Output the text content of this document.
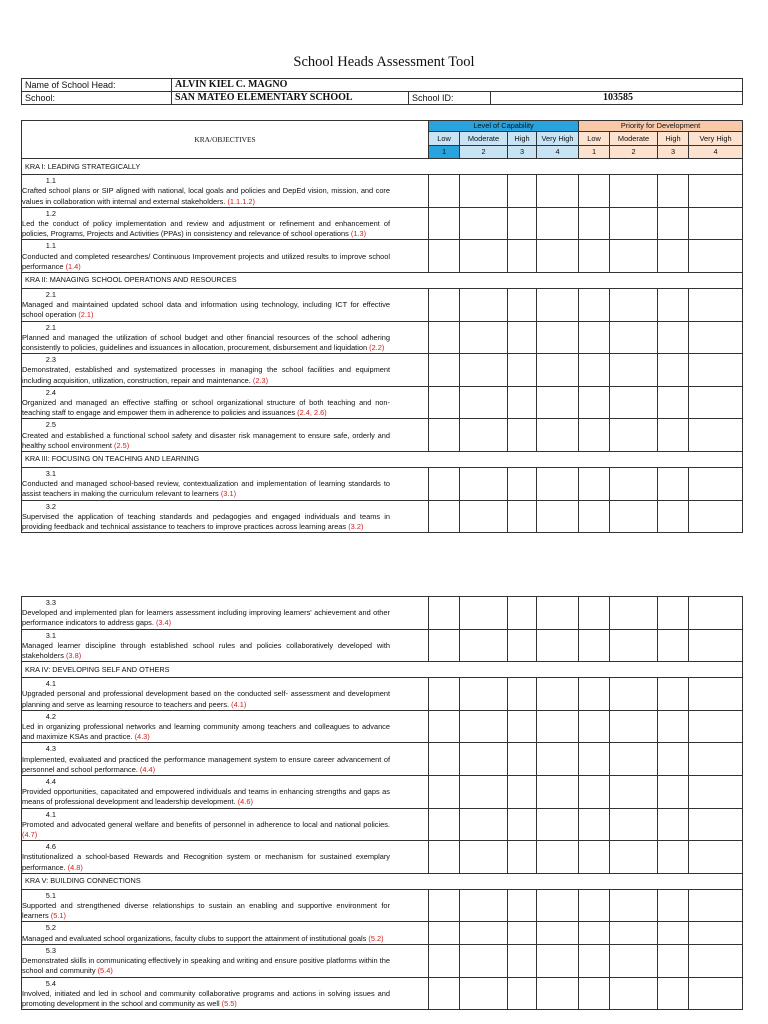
School Heads Assessment Tool
Name of School Head:	ALVIN KIEL C. MAGNO		
School:	SAN MATEO ELEMENTARY SCHOOL	School ID:	103585
KRA/OBJECTIVES	Level of Capability				Priority for Development			
	Low	Moderate	High	Very High	Low	Moderate	High	Very High
	1	2	3	4	1	2	3	4
KRA I: LEADING STRATEGICALLY								
1.1Crafted school plans or SIP aligned with national, local goals and policies and DepEd vision, mission, and core values in collaboration with internal and external stakeholders. (1.1.1.2)								
1.2Led the conduct of policy implementation and review and adjustment or refinement and enhancement of policies, Programs, Projects and Activities (PPAs) in consistency and relevance of school operations (1.3)								
1.1Conducted and completed researches/ Continuous Improvement projects and utilized results to improve school performance (1.4)								
KRA II: MANAGING SCHOOL OPERATIONS AND RESOURCES								
2.1Managed and maintained updated school data and information using technology, including ICT for effective school operation (2.1)								
2.1Planned and managed the utilization of school budget and other financial resources of the school adhering consistently to policies, guidelines and issuances in allocation, procurement, disbursement and liquidation (2.2)								
2.3Demonstrated, established and systematized processes in managing the school facilities and equipment including acquisition, utilization, construction, repair and maintenance. (2.3)								
2.4Organized and managed an effective staffing or school organizational structure of both teaching and non-teaching staff to engage and empower them in adherence to policies and issuances (2.4, 2.6)								
2.5Created and established a functional school safety and disaster risk management to ensure safe, orderly and healthy school environment (2.5)								
KRA III: FOCUSING ON TEACHING AND LEARNING								
3.1Conducted and managed school-based review, contextualization and implementation of learning standards to assist teachers in making the curriculum relevant to learners (3.1)								
3.2Supervised the application of teaching standards and pedagogies and engaged individuals and teams in providing feedback and technical assistance to teachers to improve practices across learning areas (3.2)								
3.3Developed and implemented plan for learners assessment including improving learners' achievement and other performance indicators to address gaps. (3.4)								
3.1Managed learner discipline through established school rules and policies collaboratively developed with stakeholders (3.8)								
KRA IV: DEVELOPING SELF AND OTHERS								
4.1Upgraded personal and professional development based on the conducted self- assessment and development planning and serve as learning resource to teachers and peers. (4.1)								
4.2Led in organizing professional networks and learning community among teachers and colleagues to advance and maximize KSAs and practice. (4.3)								
4.3Implemented, evaluated and practiced the performance management system to ensure career advancement of personnel and school performance. (4.4)								
4.4Provided opportunities, capacitated and empowered individuals and teams in enhancing strengths and gaps as means of professional development and leadership development. (4.6)								
4.1Promoted and advocated general welfare and benefits of personnel in adherence to local and national policies. (4.7)								
4.6Institutionalized a school-based Rewards and Recognition system or mechanism for sustained exemplary performance. (4.8)								
KRA V: BUILDING CONNECTIONS								
5.1Supported and strengthened diverse relationships to sustain an enabling and supportive environment for learners (5.1)								
5.2Managed and evaluated school organizations, faculty clubs to support the attainment of institutional goals (5.2)								
5.3Demonstrated skills in communicating effectively in speaking and writing and ensure positive platforms within the school and community (5.4)								
5.4Involved, initiated and led in school and community collaborative programs and actions in solving issues and promoting development in the school and community as well (5.5)								
